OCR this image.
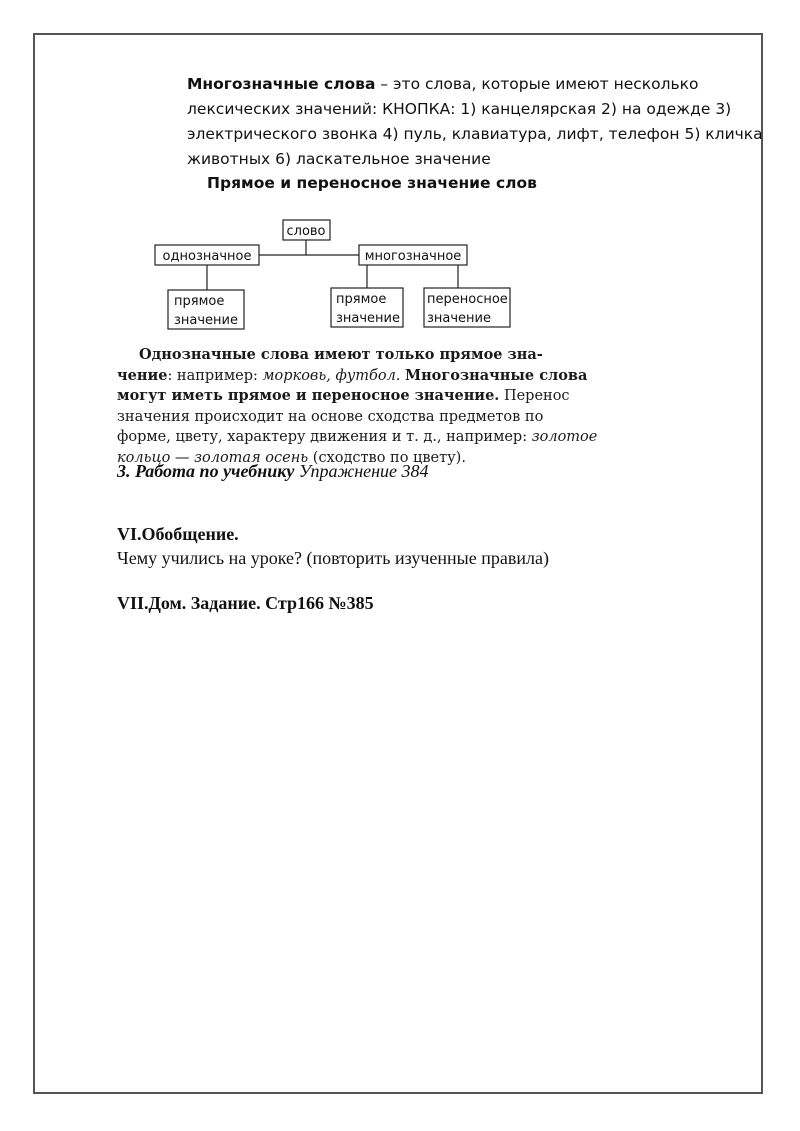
Многозначные слова – это слова, которые имеют несколько лексических значений: КНОПКА: 1) канцелярская 2) на одежде 3) электрического звонка 4) пуль, клавиатура, лифт, телефон 5) кличка животных 6) ласкательное значение
Прямое и переносное значение слов
слово
однозначное	многозначное
прямое
значение
прямое
значение
переносное
значение

Однозначные слова имеют только прямое зна-

чение: например: морковь, футбол. Многозначные слова

могут иметь прямое и переносное значение. Перенос

значения происходит на основе сходства предметов по

форме, цвету, характеру движения и т. д., например: золотое

кольцо — золотая осень (сходство по цвету).

3. Работа по учебнику Упражнение 384
VI.Обобщение.
Чему учились на уроке? (повторить изученные правила)
VII.Дом. Задание. Стр166 №385
